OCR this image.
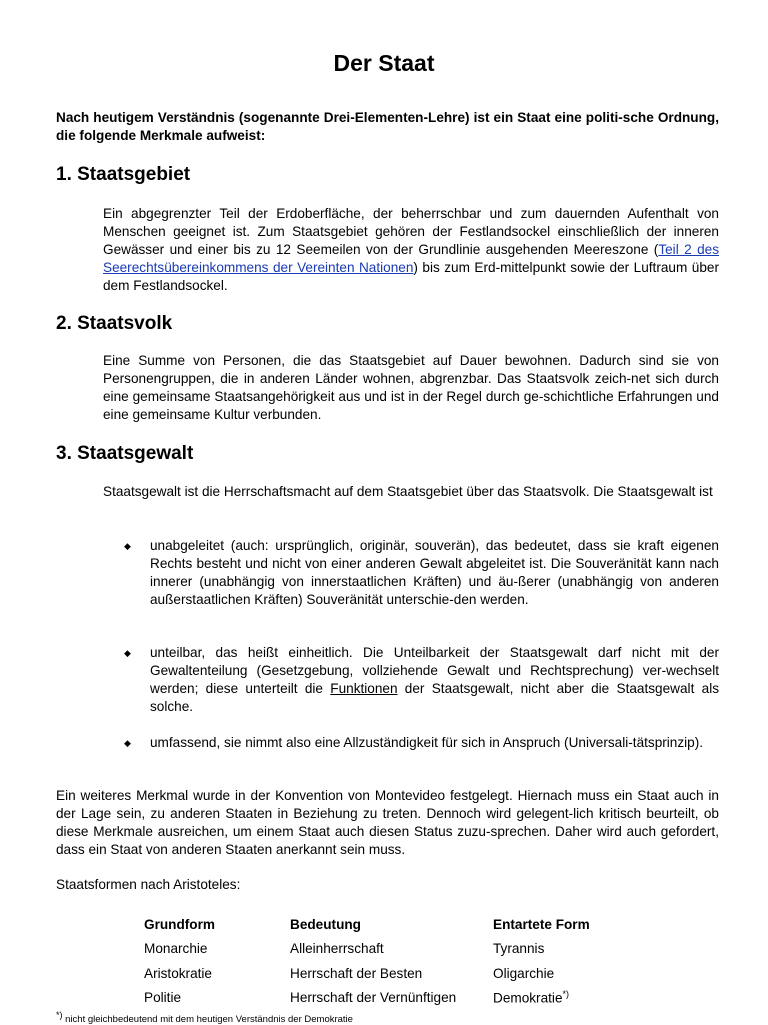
Der Staat

Nach heutigem Verständnis (sogenannte Drei-Elementen-Lehre) ist ein Staat eine politi-sche Ordnung, die folgende Merkmale aufweist:

1. Staatsgebiet

Ein abgegrenzter Teil der Erdoberfläche, der beherrschbar und zum dauernden Aufenthalt von Menschen geeignet ist. Zum Staatsgebiet gehören der Festlandsockel einschließlich der inneren Gewässer und einer bis zu 12 Seemeilen von der Grundlinie ausgehenden Meereszone (Teil 2 des Seerechtsübereinkommens der Vereinten Nationen) bis zum Erd-mittelpunkt sowie der Luftraum über dem Festlandsockel.

2. Staatsvolk

Eine Summe von Personen, die das Staatsgebiet auf Dauer bewohnen. Dadurch sind sie von Personengruppen, die in anderen Länder wohnen, abgrenzbar. Das Staatsvolk zeich-net sich durch eine gemeinsame Staatsangehörigkeit aus und ist in der Regel durch ge-schichtliche Erfahrungen und eine gemeinsame Kultur verbunden.

3. Staatsgewalt

Staatsgewalt ist die Herrschaftsmacht auf dem Staatsgebiet über das Staatsvolk. Die Staatsgewalt ist

◆ unabgeleitet (auch: ursprünglich, originär, souverän), das bedeutet, dass sie kraft eigenen Rechts besteht und nicht von einer anderen Gewalt abgeleitet ist. Die Souveränität kann nach innerer (unabhängig von innerstaatlichen Kräften) und äu-ßerer (unabhängig von anderen außerstaatlichen Kräften) Souveränität unterschie-den werden.

◆ unteilbar, das heißt einheitlich. Die Unteilbarkeit der Staatsgewalt darf nicht mit der Gewaltenteilung (Gesetzgebung, vollziehende Gewalt und Rechtsprechung) ver-wechselt werden; diese unterteilt die Funktionen der Staatsgewalt, nicht aber die Staatsgewalt als solche.

◆ umfassend, sie nimmt also eine Allzuständigkeit für sich in Anspruch (Universali-tätsprinzip).

Ein weiteres Merkmal wurde in der Konvention von Montevideo festgelegt. Hiernach muss ein Staat auch in der Lage sein, zu anderen Staaten in Beziehung zu treten. Dennoch wird gelegent-lich kritisch beurteilt, ob diese Merkmale ausreichen, um einem Staat auch diesen Status zuzu-sprechen. Daher wird auch gefordert, dass ein Staat von anderen Staaten anerkannt sein muss.

Staatsformen nach Aristoteles:

Grundform	Bedeutung	Entartete Form
Monarchie	Alleinherrschaft	Tyrannis
Aristokratie	Herrschaft der Besten	Oligarchie
Politie	Herrschaft der Vernünftigen	Demokratie*)

*) nicht gleichbedeutend mit dem heutigen Verständnis der Demokratie
